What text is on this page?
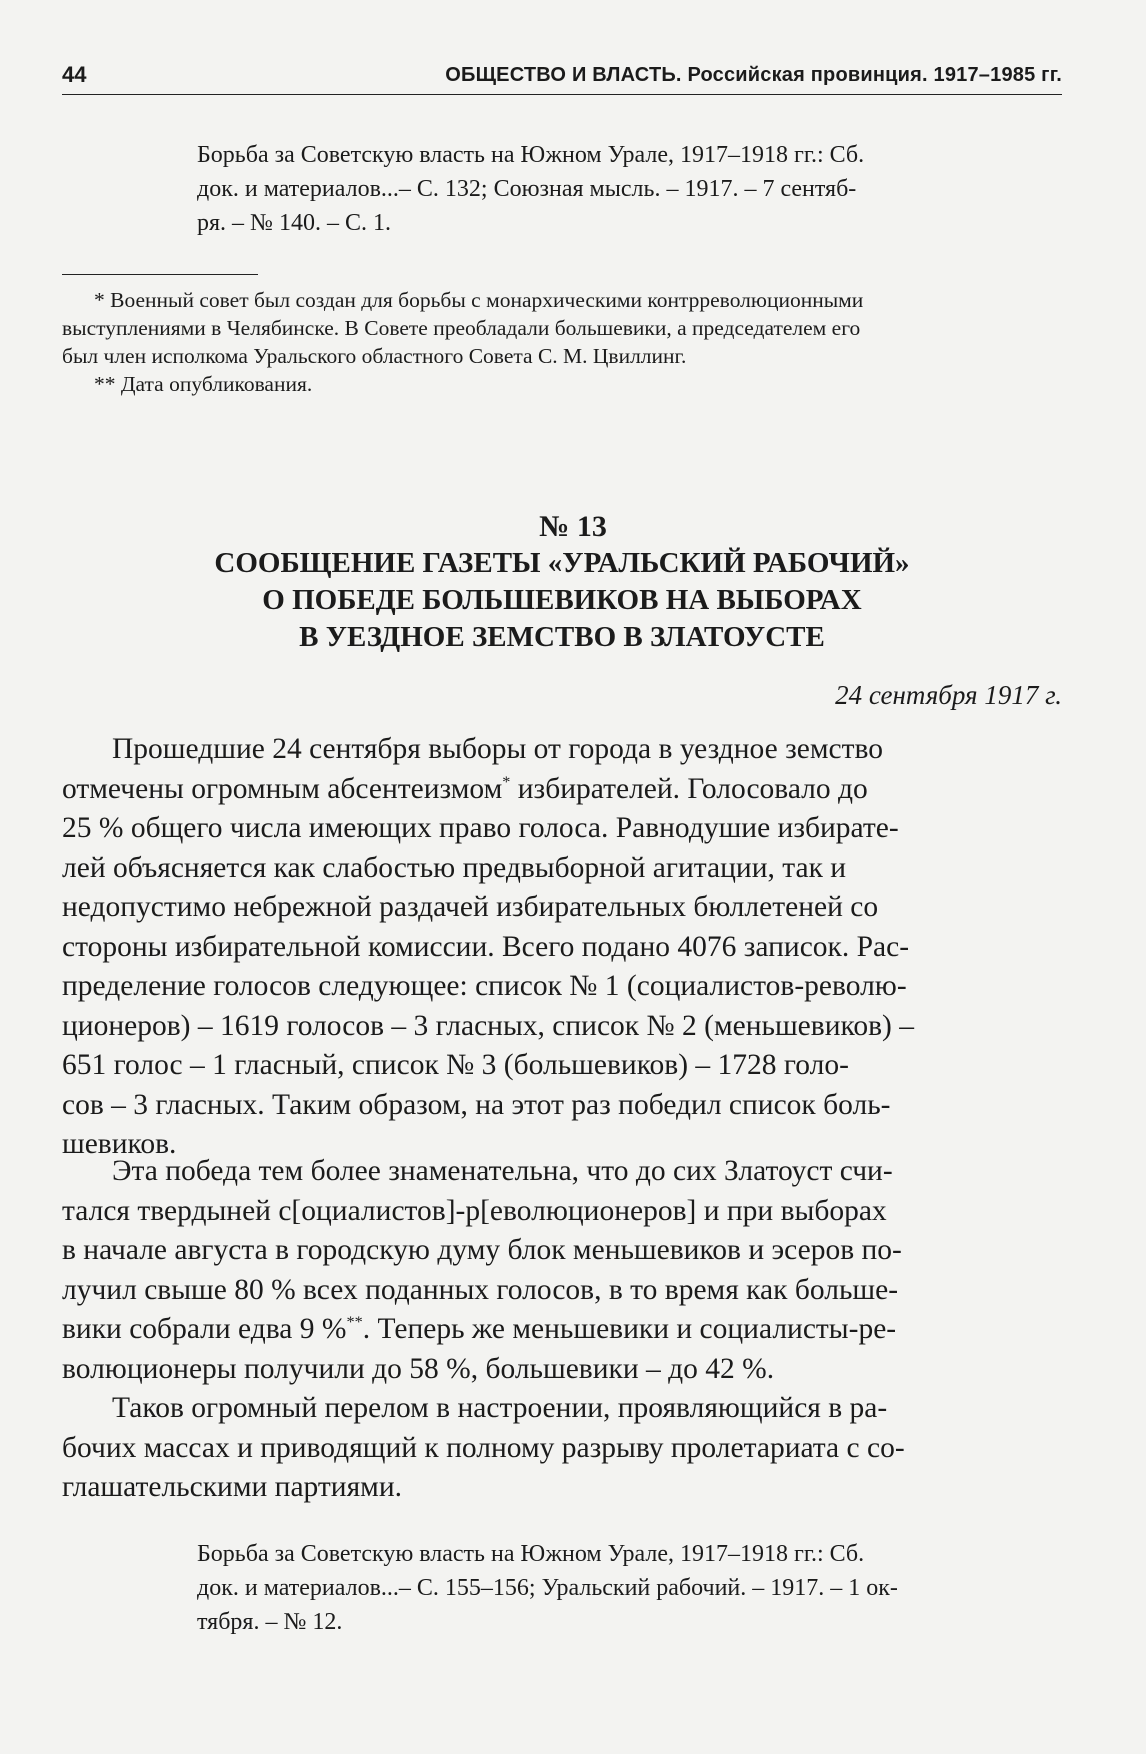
44	ОБЩЕСТВО И ВЛАСТЬ. Российская провинция. 1917–1985 гг.
Борьба за Советскую власть на Южном Урале, 1917–1918 гг.: Сб.
док. и материалов...– С. 132; Союзная мысль. – 1917. – 7 сентяб-
ря. – № 140. – С. 1.
* Военный совет был создан для борьбы с монархическими контрреволюционными
выступлениями в Челябинске. В Совете преобладали большевики, а председателем его
был член исполкома Уральского областного Совета С. М. Цвиллинг.
** Дата опубликования.
№ 13
СООБЩЕНИЕ ГАЗЕТЫ «УРАЛЬСКИЙ РАБОЧИЙ»
О ПОБЕДЕ БОЛЬШЕВИКОВ НА ВЫБОРАХ
В УЕЗДНОЕ ЗЕМСТВО В ЗЛАТОУСТЕ
24 сентября 1917 г.
Прошедшие 24 сентября выборы от города в уездное земство
отмечены огромным абсентеизмом* избирателей. Голосовало до
25 % общего числа имеющих право голоса. Равнодушие избирате-
лей объясняется как слабостью предвыборной агитации, так и
недопустимо небрежной раздачей избирательных бюллетеней со
стороны избирательной комиссии. Всего подано 4076 записок. Рас-
пределение голосов следующее: список № 1 (социалистов-револю-
ционеров) – 1619 голосов – 3 гласных, список № 2 (меньшевиков) –
651 голос – 1 гласный, список № 3 (большевиков) – 1728 голо-
сов – 3 гласных. Таким образом, на этот раз победил список боль-
шевиков.
Эта победа тем более знаменательна, что до сих Златоуст счи-
тался твердыней с[оциалистов]-р[еволюционеров] и при выборах
в начале августа в городскую думу блок меньшевиков и эсеров по-
лучил свыше 80 % всех поданных голосов, в то время как больше-
вики собрали едва 9 %**. Теперь же меньшевики и социалисты-ре-
волюционеры получили до 58 %, большевики – до 42 %.
Таков огромный перелом в настроении, проявляющийся в ра-
бочих массах и приводящий к полному разрыву пролетариата с со-
глашательскими партиями.
Борьба за Советскую власть на Южном Урале, 1917–1918 гг.: Сб.
док. и материалов...– С. 155–156; Уральский рабочий. – 1917. – 1 ок-
тября. – № 12.
